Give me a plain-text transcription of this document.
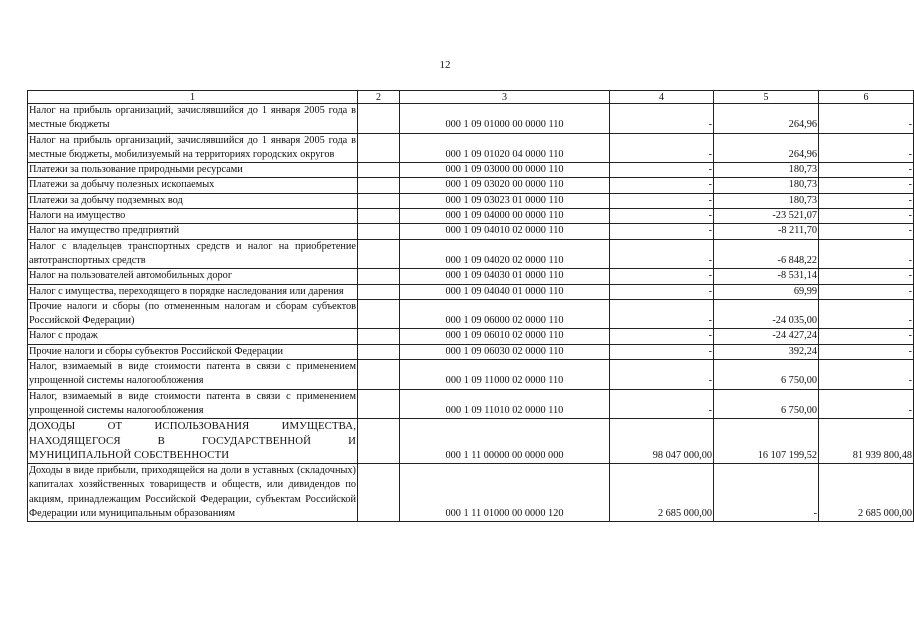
12
1	2	3	4	5	6
Налог на прибыль организаций, зачислявшийся до 1 января 2005 года в местные бюджеты		000 1 09 01000 00 0000 110	-	264,96	-
Налог на прибыль организаций, зачислявшийся до 1 января 2005 года в местные бюджеты, мобилизуемый на территориях городских округов		000 1 09 01020 04 0000 110	-	264,96	-
Платежи за пользование природными ресурсами		000 1 09 03000 00 0000 110	-	180,73	-
Платежи за добычу полезных ископаемых		000 1 09 03020 00 0000 110	-	180,73	-
Платежи за добычу подземных вод		000 1 09 03023 01 0000 110	-	180,73	-
Налоги на имущество		000 1 09 04000 00 0000 110	-	-23 521,07	-
Налог на имущество предприятий		000 1 09 04010 02 0000 110	-	-8 211,70	-
Налог с владельцев транспортных средств и налог на приобретение автотранспортных средств		000 1 09 04020 02 0000 110	-	-6 848,22	-
Налог на пользователей автомобильных дорог		000 1 09 04030 01 0000 110	-	-8 531,14	-
Налог с имущества, переходящего в порядке наследования или дарения		000 1 09 04040 01 0000 110	-	69,99	-
Прочие налоги и сборы (по отмененным налогам и сборам субъектов Российской Федерации)		000 1 09 06000 02 0000 110	-	-24 035,00	-
Налог с продаж		000 1 09 06010 02 0000 110	-	-24 427,24	-
Прочие налоги и сборы субъектов Российской Федерации		000 1 09 06030 02 0000 110	-	392,24	-
Налог, взимаемый в виде стоимости патента в связи с применением упрощенной системы налогообложения		000 1 09 11000 02 0000 110	-	6 750,00	-
Налог, взимаемый в виде стоимости патента в связи с применением упрощенной системы налогообложения		000 1 09 11010 02 0000 110	-	6 750,00	-
ДОХОДЫ ОТ ИСПОЛЬЗОВАНИЯ ИМУЩЕСТВА, НАХОДЯЩЕГОСЯ В ГОСУДАРСТВЕННОЙ И МУНИЦИПАЛЬНОЙ СОБСТВЕННОСТИ		000 1 11 00000 00 0000 000	98 047 000,00	16 107 199,52	81 939 800,48
Доходы в виде прибыли, приходящейся на доли в уставных (складочных) капиталах хозяйственных товариществ и обществ, или дивидендов по акциям, принадлежащим Российской Федерации, субъектам Российской Федерации или муниципальным образованиям		000 1 11 01000 00 0000 120	2 685 000,00	-	2 685 000,00
